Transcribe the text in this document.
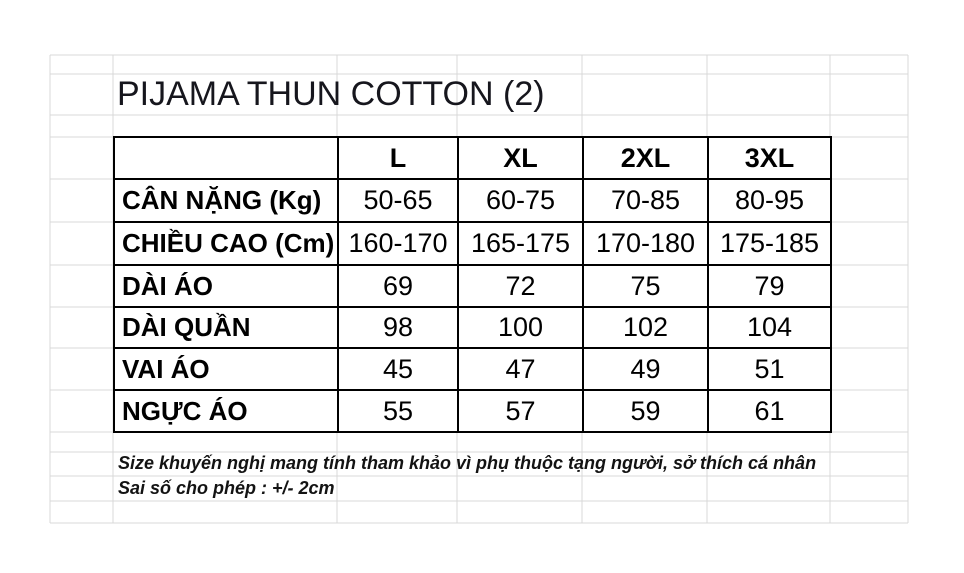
PIJAMA THUN COTTON (2)
	L	XL	2XL	3XL
CÂN NẶNG (Kg)	50-65	60-75	70-85	80-95
CHIỀU CAO (Cm)	160-170	165-175	170-180	175-185
DÀI ÁO	69	72	75	79
DÀI QUẦN	98	100	102	104
VAI ÁO	45	47	49	51
NGỰC ÁO	55	57	59	61
Size khuyến nghị mang tính tham khảo vì phụ thuộc tạng người, sở thích cá nhân
Sai số cho phép : +/- 2cm
